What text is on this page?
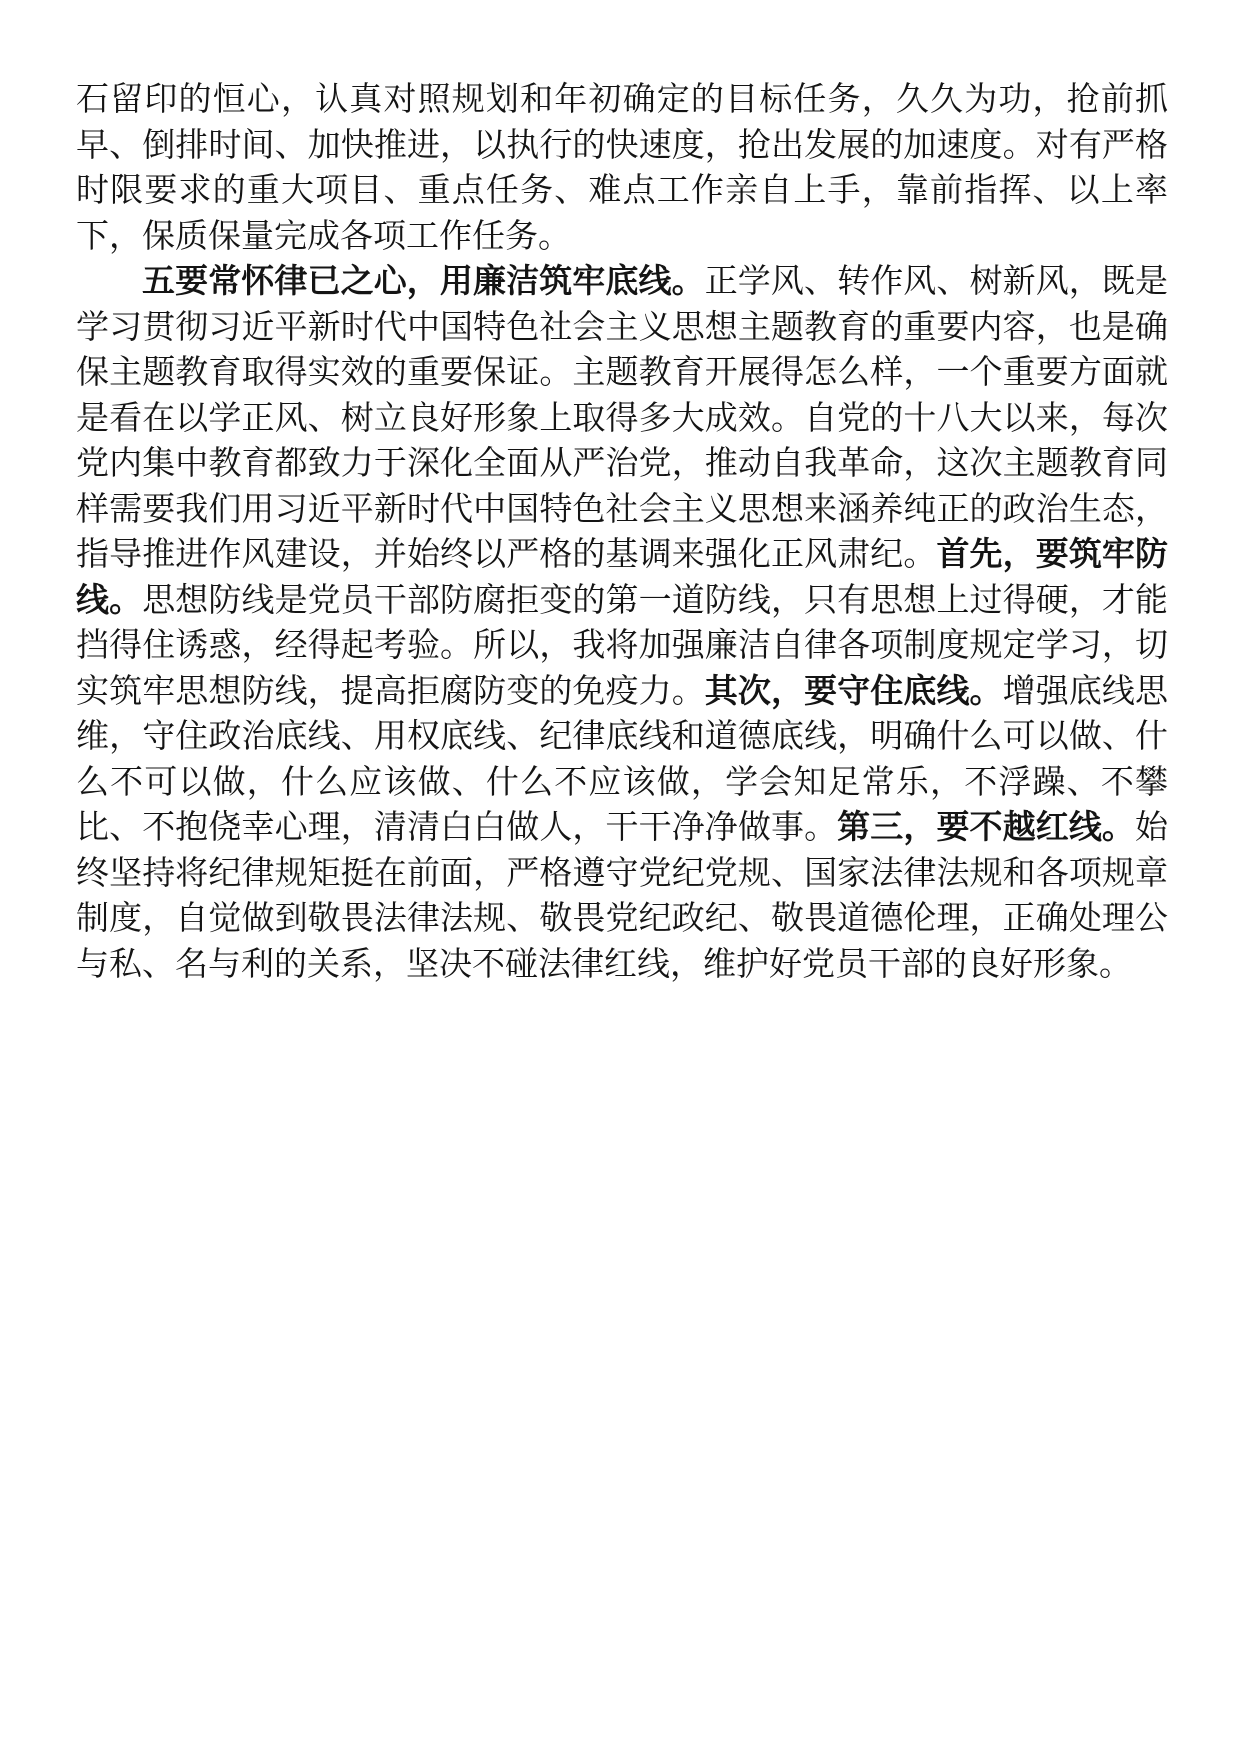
石留印的恒心，认真对照规划和年初确定的目标任务，久久为功，抢前抓早、倒排时间、加快推进，以执行的快速度，抢出发展的加速度。对有严格时限要求的重大项目、重点任务、难点工作亲自上手，靠前指挥、以上率下，保质保量完成各项工作任务。

五要常怀律已之心，用廉洁筑牢底线。正学风、转作风、树新风，既是学习贯彻习近平新时代中国特色社会主义思想主题教育的重要内容，也是确保主题教育取得实效的重要保证。主题教育开展得怎么样，一个重要方面就是看在以学正风、树立良好形象上取得多大成效。自党的十八大以来，每次党内集中教育都致力于深化全面从严治党，推动自我革命，这次主题教育同样需要我们用习近平新时代中国特色社会主义思想来涵养纯正的政治生态，指导推进作风建设，并始终以严格的基调来强化正风肃纪。首先，要筑牢防线。思想防线是党员干部防腐拒变的第一道防线，只有思想上过得硬，才能挡得住诱惑，经得起考验。所以，我将加强廉洁自律各项制度规定学习，切实筑牢思想防线，提高拒腐防变的免疫力。其次，要守住底线。增强底线思维，守住政治底线、用权底线、纪律底线和道德底线，明确什么可以做、什么不可以做，什么应该做、什么不应该做，学会知足常乐，不浮躁、不攀比、不抱侥幸心理，清清白白做人，干干净净做事。第三，要不越红线。始终坚持将纪律规矩挺在前面，严格遵守党纪党规、国家法律法规和各项规章制度，自觉做到敬畏法律法规、敬畏党纪政纪、敬畏道德伦理，正确处理公与私、名与利的关系，坚决不碰法律红线，维护好党员干部的良好形象。
